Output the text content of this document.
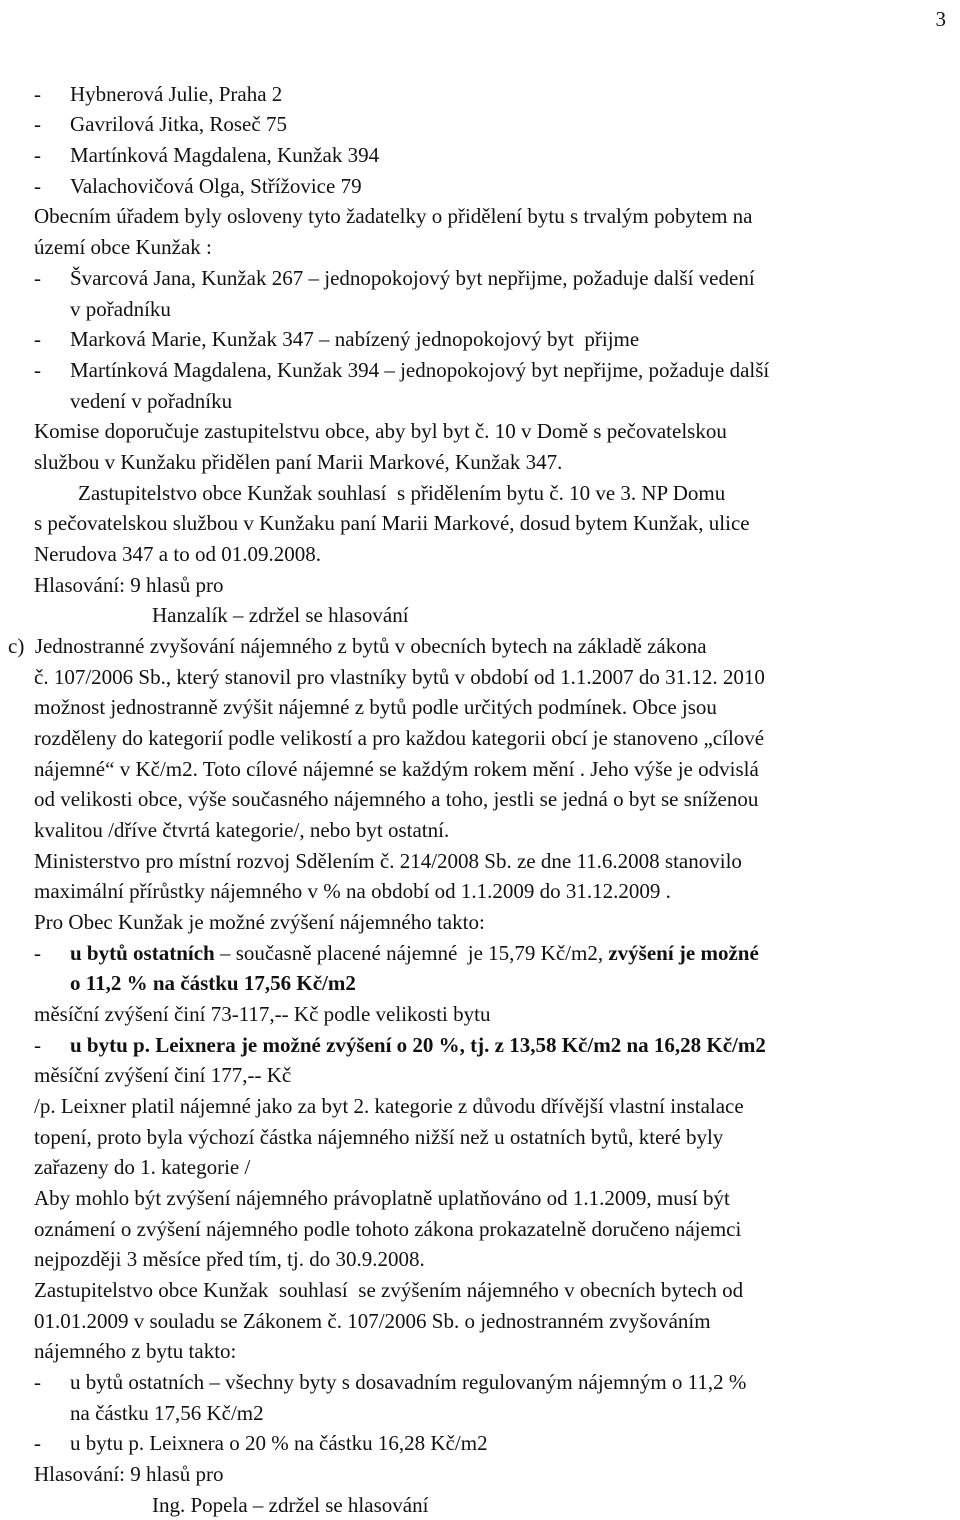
3
- Hybnerová Julie, Praha 2
- Gavrilová Jitka, Roseč 75
- Martínková Magdalena, Kunžak 394
- Valachovičová Olga, Střížovice 79
Obecním úřadem byly osloveny tyto žadatelky o přidělení bytu s trvalým pobytem na
území obce Kunžak :
- Švarcová Jana, Kunžak 267 – jednopokojový byt nepřijme, požaduje další vedení
v pořadníku
- Marková Marie, Kunžak 347 – nabízený jednopokojový byt  přijme
- Martínková Magdalena, Kunžak 394 – jednopokojový byt nepřijme, požaduje další
vedení v pořadníku
Komise doporučuje zastupitelstvu obce, aby byl byt č. 10 v Domě s pečovatelskou
službou v Kunžaku přidělen paní Marii Markové, Kunžak 347.
Zastupitelstvo obce Kunžak souhlasí  s přidělením bytu č. 10 ve 3. NP Domu
s pečovatelskou službou v Kunžaku paní Marii Markové, dosud bytem Kunžak, ulice
Nerudova 347 a to od 01.09.2008.
Hlasování: 9 hlasů pro
Hanzalík – zdržel se hlasování
c)  Jednostranné zvyšování nájemného z bytů v obecních bytech na základě zákona
č. 107/2006 Sb., který stanovil pro vlastníky bytů v období od 1.1.2007 do 31.12. 2010
možnost jednostranně zvýšit nájemné z bytů podle určitých podmínek. Obce jsou
rozděleny do kategorií podle velikostí a pro každou kategorii obcí je stanoveno „cílové
nájemné“ v Kč/m2. Toto cílové nájemné se každým rokem mění . Jeho výše je odvislá
od velikosti obce, výše současného nájemného a toho, jestli se jedná o byt se sníženou
kvalitou /dříve čtvrtá kategorie/, nebo byt ostatní.
Ministerstvo pro místní rozvoj Sdělením č. 214/2008 Sb. ze dne 11.6.2008 stanovilo
maximální přírůstky nájemného v % na období od 1.1.2009 do 31.12.2009 .
Pro Obec Kunžak je možné zvýšení nájemného takto:
- u bytů ostatních – současně placené nájemné  je 15,79 Kč/m2, zvýšení je možné
o 11,2 % na částku 17,56 Kč/m2
měsíční zvýšení činí 73-117,-- Kč podle velikosti bytu
- u bytu p. Leixnera je možné zvýšení o 20 %, tj. z 13,58 Kč/m2 na 16,28 Kč/m2
měsíční zvýšení činí 177,-- Kč
/p. Leixner platil nájemné jako za byt 2. kategorie z důvodu dřívější vlastní instalace
topení, proto byla výchozí částka nájemného nižší než u ostatních bytů, které byly
zařazeny do 1. kategorie /
Aby mohlo být zvýšení nájemného právoplatně uplatňováno od 1.1.2009, musí být
oznámení o zvýšení nájemného podle tohoto zákona prokazatelně doručeno nájemci
nejpozději 3 měsíce před tím, tj. do 30.9.2008.
Zastupitelstvo obce Kunžak  souhlasí  se zvýšením nájemného v obecních bytech od
01.01.2009 v souladu se Zákonem č. 107/2006 Sb. o jednostranném zvyšováním
nájemného z bytu takto:
- u bytů ostatních – všechny byty s dosavadním regulovaným nájemným o 11,2 %
na částku 17,56 Kč/m2
- u bytu p. Leixnera o 20 % na částku 16,28 Kč/m2
Hlasování: 9 hlasů pro
Ing. Popela – zdržel se hlasování
